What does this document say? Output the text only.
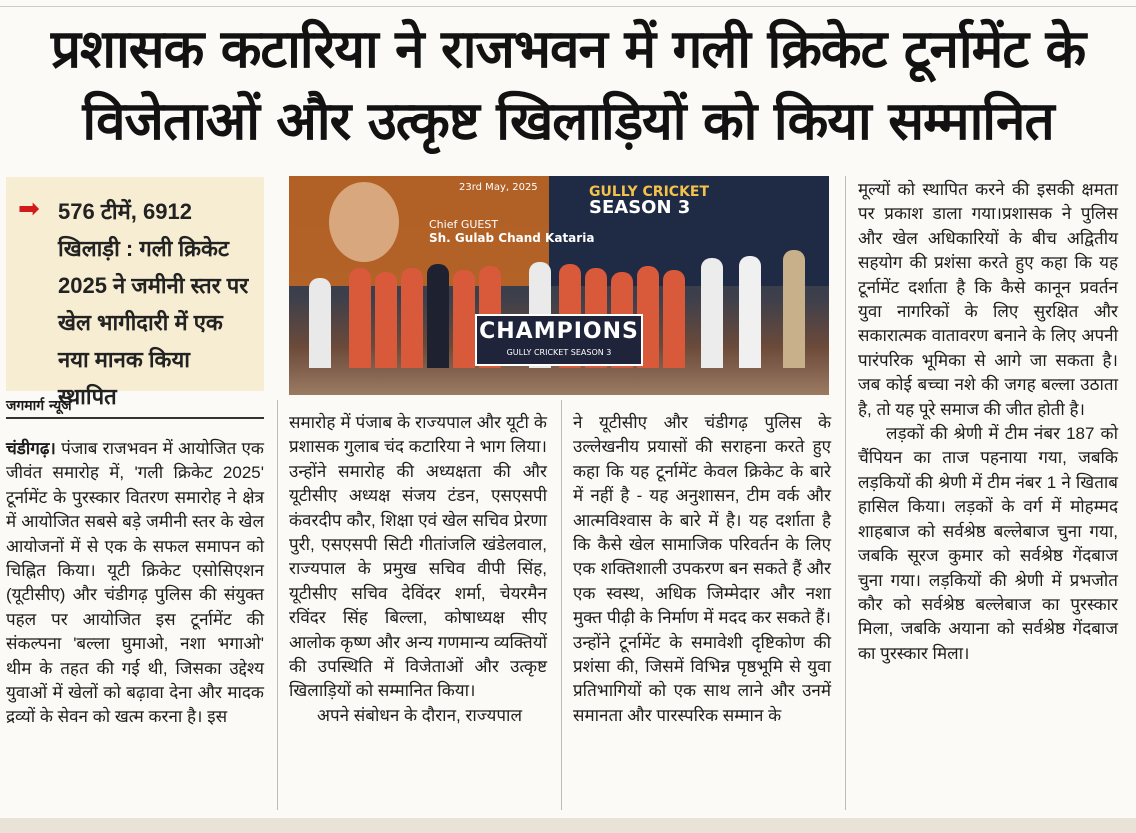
प्रशासक कटारिया ने राजभवन में गली क्रिकेट टूर्नामेंट के
विजेताओं और उत्कृष्ट खिलाड़ियों को किया सम्मानित
➡ 576 टीमें, 6912 खिलाड़ी : गली क्रिकेट 2025 ने जमीनी स्तर पर खेल भागीदारी में एक नया मानक किया स्थापित
जगमार्ग न्यूज
23rd May, 2025
Chief GUEST
Sh. Gulab Chand Kataria
GULLY CRICKET
SEASON 3
CHAMPIONS
GULLY CRICKET SEASON 3

चंडीगढ़। पंजाब राजभवन में आयोजित एक जीवंत समारोह में, 'गली क्रिकेट 2025' टूर्नामेंट के पुरस्कार वितरण समारोह ने क्षेत्र में आयोजित सबसे बड़े जमीनी स्तर के खेल आयोजनों में से एक के सफल समापन को चिह्नित किया। यूटी क्रिकेट एसोसिएशन (यूटीसीए) और चंडीगढ़ पुलिस की संयुक्त पहल पर आयोजित इस टूर्नामेंट की संकल्पना 'बल्ला घुमाओ, नशा भगाओ' थीम के तहत की गई थी, जिसका उद्देश्य युवाओं में खेलों को बढ़ावा देना और मादक द्रव्यों के सेवन को खत्म करना है। इस

समारोह में पंजाब के राज्यपाल और यूटी के प्रशासक गुलाब चंद कटारिया ने भाग लिया। उन्होंने समारोह की अध्यक्षता की और यूटीसीए अध्यक्ष संजय टंडन, एसएसपी कंवरदीप कौर, शिक्षा एवं खेल सचिव प्रेरणा पुरी, एसएसपी सिटी गीतांजलि खंडेलवाल, राज्यपाल के प्रमुख सचिव वीपी सिंह, यूटीसीए सचिव देविंदर शर्मा, चेयरमैन रविंदर सिंह बिल्ला, कोषाध्यक्ष सीए आलोक कृष्ण और अन्य गणमान्य व्यक्तियों की उपस्थिति में विजेताओं और उत्कृष्ट खिलाड़ियों को सम्मानित किया।

अपने संबोधन के दौरान, राज्यपाल

ने यूटीसीए और चंडीगढ़ पुलिस के उल्लेखनीय प्रयासों की सराहना करते हुए कहा कि यह टूर्नामेंट केवल क्रिकेट के बारे में नहीं है - यह अनुशासन, टीम वर्क और आत्मविश्वास के बारे में है। यह दर्शाता है कि कैसे खेल सामाजिक परिवर्तन के लिए एक शक्तिशाली उपकरण बन सकते हैं और एक स्वस्थ, अधिक जिम्मेदार और नशा मुक्त पीढ़ी के निर्माण में मदद कर सकते हैं। उन्होंने टूर्नामेंट के समावेशी दृष्टिकोण की प्रशंसा की, जिसमें विभिन्न पृष्ठभूमि से युवा प्रतिभागियों को एक साथ लाने और उनमें समानता और पारस्परिक सम्मान के

मूल्यों को स्थापित करने की इसकी क्षमता पर प्रकाश डाला गया।प्रशासक ने पुलिस और खेल अधिकारियों के बीच अद्वितीय सहयोग की प्रशंसा करते हुए कहा कि यह टूर्नामेंट दर्शाता है कि कैसे कानून प्रवर्तन युवा नागरिकों के लिए सुरक्षित और सकारात्मक वातावरण बनाने के लिए अपनी पारंपरिक भूमिका से आगे जा सकता है। जब कोई बच्चा नशे की जगह बल्ला उठाता है, तो यह पूरे समाज की जीत होती है।

लड़कों की श्रेणी में टीम नंबर 187 को चैंपियन का ताज पहनाया गया, जबकि लड़कियों की श्रेणी में टीम नंबर 1 ने खिताब हासिल किया। लड़कों के वर्ग में मोहम्मद शाहबाज को सर्वश्रेष्ठ बल्लेबाज चुना गया, जबकि सूरज कुमार को सर्वश्रेष्ठ गेंदबाज चुना गया। लड़कियों की श्रेणी में प्रभजोत कौर को सर्वश्रेष्ठ बल्लेबाज का पुरस्कार मिला, जबकि अयाना को सर्वश्रेष्ठ गेंदबाज का पुरस्कार मिला।
